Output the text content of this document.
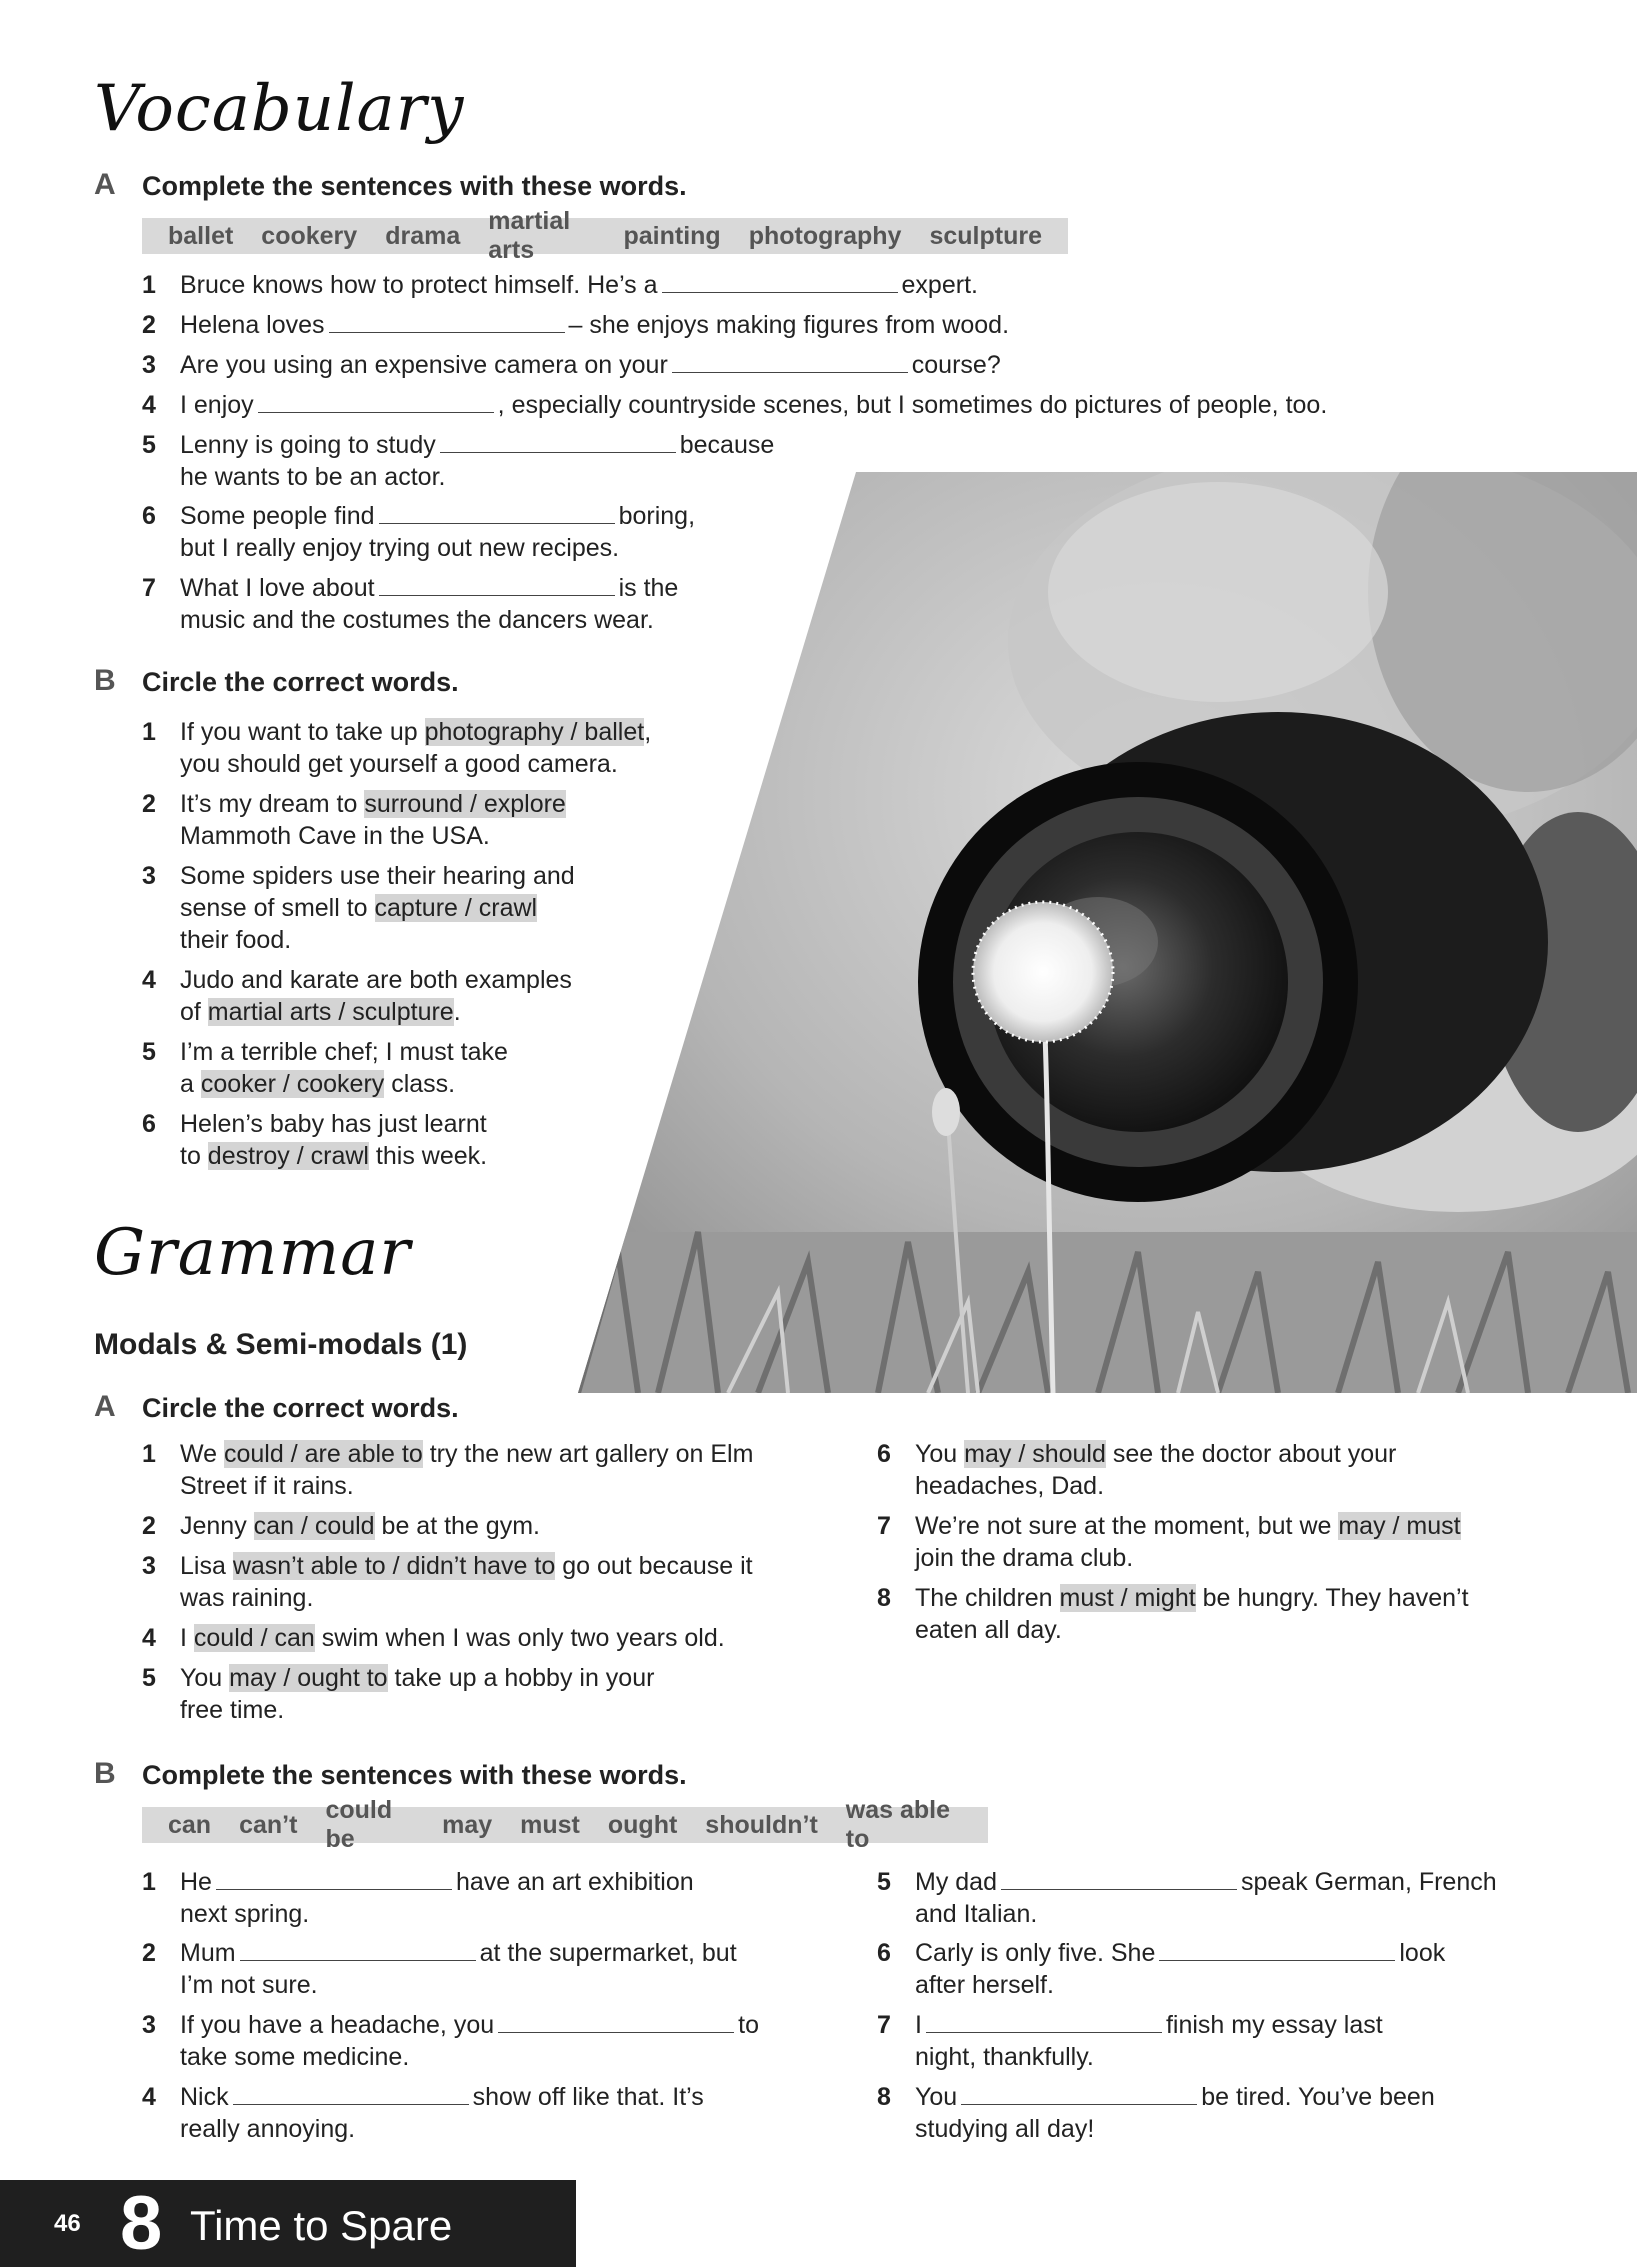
Vocabulary
A Complete the sentences with these words.
ballet cookery drama
martial arts
painting photography sculpture
1 Bruce knows how to protect himself. He’s a	expert.
2 Helena loves	– she enjoys making figures from wood.
3 Are you using an expensive camera on your	course?
4 I enjoy	, especially countryside scenes, but I sometimes do pictures of people, too.
5 Lenny is going to study	because
he wants to be an actor.
6 Some people find	boring,
but I really enjoy trying out new recipes.
7 What I love about	is the
music and the costumes the dancers wear.
B Circle the correct words.
1 If you want to take up photography / ballet,
you should get yourself a good camera.
2 It’s my dream to surround / explore
Mammoth Cave in the USA.
3 Some spiders use their hearing and
sense of smell to capture / crawl
their food.
4 Judo and karate are both examples
of martial arts / sculpture.
5 I’m a terrible chef; I must take
a cooker / cookery class.
6 Helen’s baby has just learnt
to destroy / crawl this week.
Grammar
Modals & Semi-modals (1)
A Circle the correct words.
1 We could / are able to try the new art gallery on Elm
Street if it rains.
2 Jenny can / could be at the gym.
3 Lisa wasn’t able to / didn’t have to go out because it
was raining.
4 I could / can swim when I was only two years old.
5 You may / ought to take up a hobby in your
free time.
6 You may / should see the doctor about your
headaches, Dad.
7 We’re not sure at the moment, but we may / must
join the drama club.
8 The children must / might be hungry. They haven’t
eaten all day.
B Complete the sentences with these words.
can can’t
could be
may must ought shouldn’t
was able to
1 He	have an art exhibition
next spring.
2 Mum	at the supermarket, but
I’m not sure.
3 If you have a headache, you	to
take some medicine.
4 Nick	show off like that. It’s
really annoying.
5 My dad	speak German, French
and Italian.
6 Carly is only five. She	look
after herself.
7 I	finish my essay last
night, thankfully.
8 You	be tired. You’ve been
studying all day!
46 8 Time to Spare
